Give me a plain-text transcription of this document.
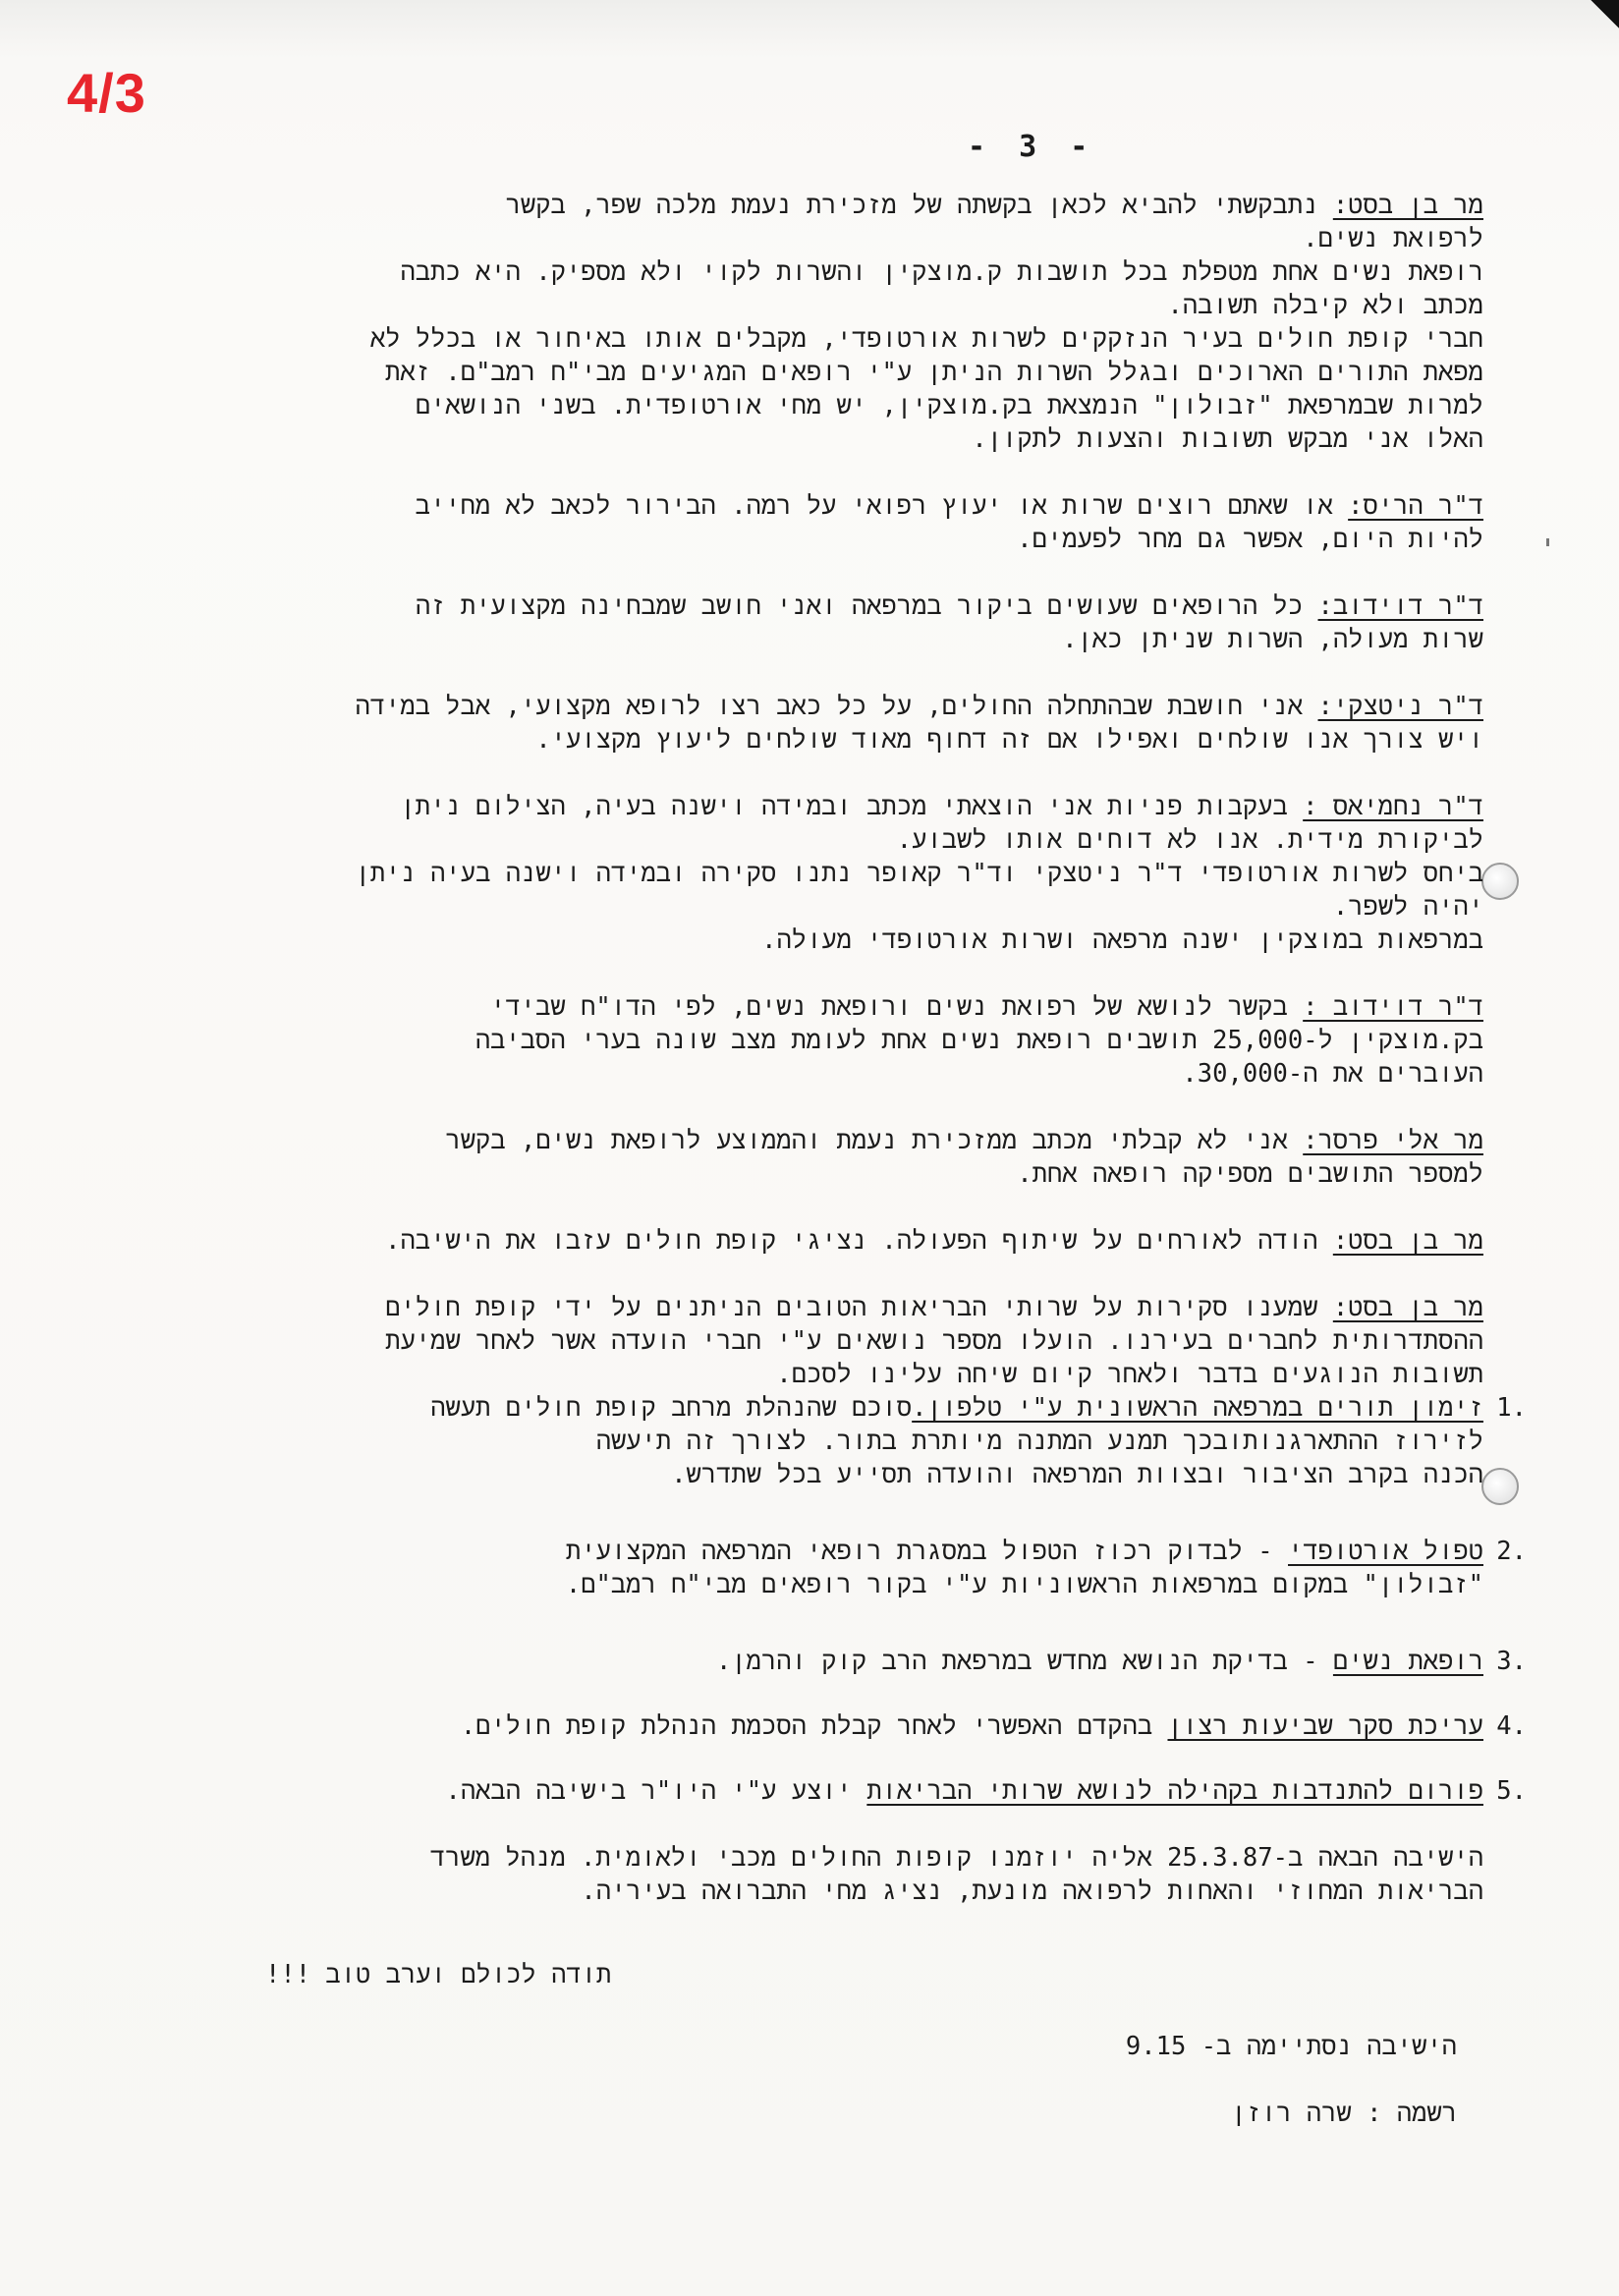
4/3
- 3 -
מר בן בסט: נתבקשתי להביא לכאן בקשתה של מזכירת נעמת מלכה שפר, בקשר
לרפואת נשים.
רופאת נשים אחת מטפלת בכל תושבות ק.מוצקין והשרות לקוי ולא מספיק. היא כתבה
מכתב ולא קיבלה תשובה.
חברי קופת חולים בעיר הנזקקים לשרות אורטופדי, מקבלים אותו באיחור או בכלל לא
מפאת התורים הארוכים ובגלל השרות הניתן ע"י רופאים המגיעים מבי"ח רמב"ם. זאת
למרות שבמרפאת "זבולון" הנמצאת בק.מוצקין, יש מחי אורטופדית. בשני הנושאים
האלו אני מבקש תשובות והצעות לתקון.
ד"ר הריס: או שאתם רוצים שרות או יעוץ רפואי על רמה. הבירור לכאב לא מחייב
להיות היום, אפשר גם מחר לפעמים.
ד"ר דוידוב: כל הרופאים שעושים ביקור במרפאה ואני חושב שמבחינה מקצועית זה
שרות מעולה, השרות שניתן כאן.
ד"ר ניטצקי: אני חושבת שבהתחלה החולים, על כל כאב רצו לרופא מקצועי, אבל במידה
ויש צורך אנו שולחים ואפילו אם זה דחוף מאוד שולחים ליעוץ מקצועי.
ד"ר נחמיאס : בעקבות פניות אני הוצאתי מכתב ובמידה וישנה בעיה, הצילום ניתן
לביקורת מידית. אנו לא דוחים אותו לשבוע.
ביחס לשרות אורטופדי ד"ר ניטצקי וד"ר קאופר נתנו סקירה ובמידה וישנה בעיה ניתן
יהיה לשפר.
במרפאות במוצקין ישנה מרפאה ושרות אורטופדי מעולה.
ד"ר דוידוב : בקשר לנושא של רפואת נשים ורופאת נשים, לפי הדו"ח שבידי
בק.מוצקין ל-25,000 תושבים רופאת נשים אחת לעומת מצב שונה בערי הסביבה
העוברים את ה-30,000.
מר אלי פרסר: אני לא קבלתי מכתב ממזכירת נעמת והממוצע לרופאת נשים, בקשר
למספר התושבים מספיקה רופאה אחת.
מר בן בסט: הודה לאורחים על שיתוף הפעולה. נציגי קופת חולים עזבו את הישיבה.
מר בן בסט: שמענו סקירות על שרותי הבריאות הטובים הניתנים על ידי קופת חולים
ההסתדרותית לחברים בעירנו. הועלו מספר נושאים ע"י חברי הועדה אשר לאחר שמיעת
תשובות הנוגעים בדבר ולאחר קיום שיחה עלינו לסכם.
1.
זימון תורים במרפאה הראשונית ע"י טלפון.סוכם שהנהלת מרחב קופת חולים תעשה
לזירוז ההתארגנותובכך תמנע המתנה מיותרת בתור. לצורך זה תיעשה
הכנה בקרב הציבור ובצוות המרפאה והועדה תסייע בכל שתדרש.
2.
טפול אורטופדי - לבדוק רכוז הטפול במסגרת רופאי המרפאה המקצועית
"זבולון" במקום במרפאות הראשוניות ע"י בקור רופאים מבי"ח רמב"ם.
3.
רופאת נשים - בדיקת הנושא מחדש במרפאת הרב קוק והרמן.
4.
עריכת סקר שביעות רצון בהקדם האפשרי לאחר קבלת הסכמת הנהלת קופת חולים.
5.
פורום להתנדבות בקהילה לנושא שרותי הבריאות יוצע ע"י היו"ר בישיבה הבאה.
הישיבה הבאה ב-25.3.87 אליה יוזמנו קופות החולים מכבי ולאומית. מנהל משרד
הבריאות המחוזי והאחות לרפואה מונעת, נציג מחי התברואה בעיריה.
תודה לכולם וערב טוב !!!
הישיבה נסתיימה ב- 9.15
רשמה : שרה רוזן
